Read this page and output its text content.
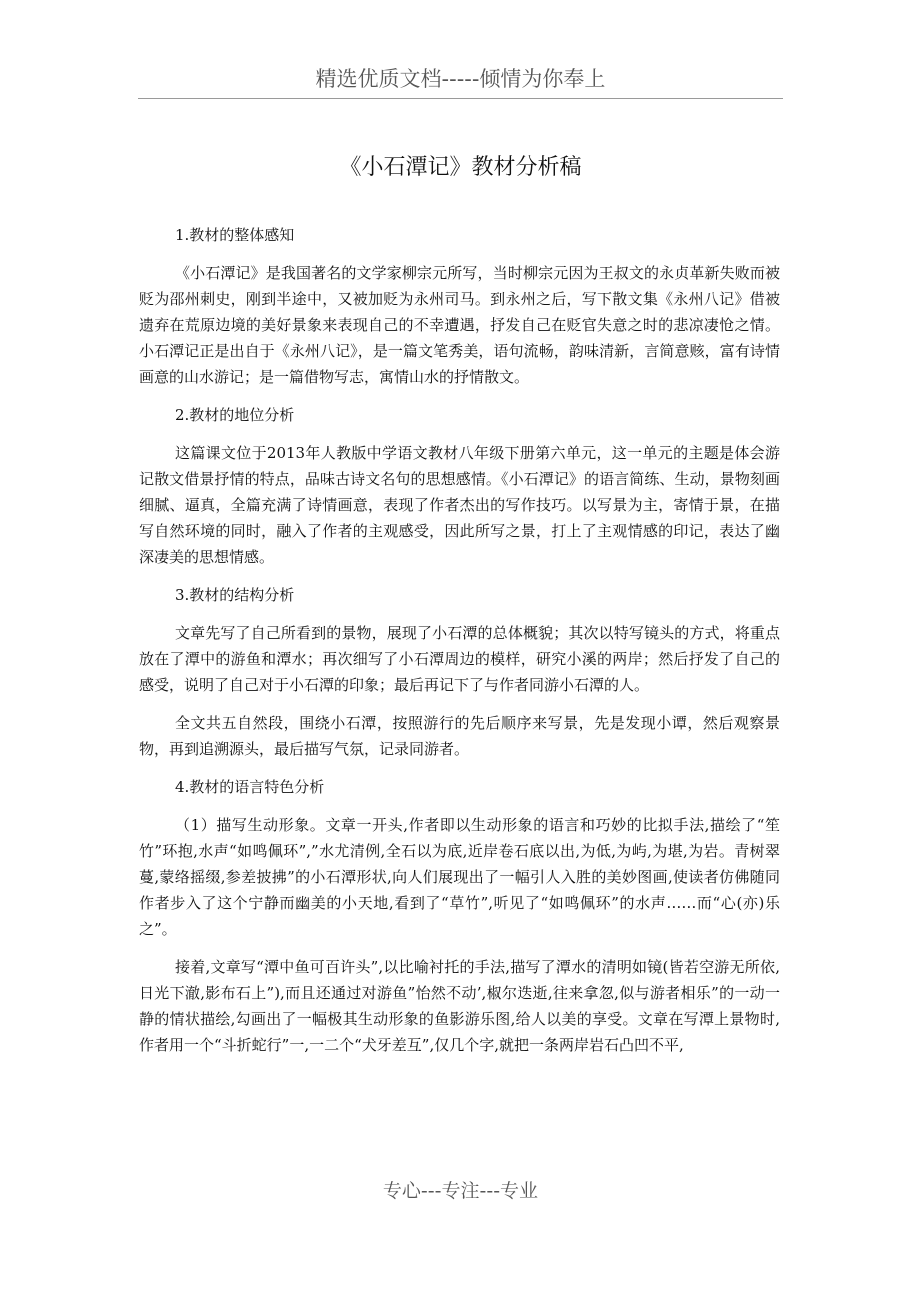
精选优质文档-----倾情为你奉上
《小石潭记》教材分析稿
1.教材的整体感知
《小石潭记》是我国著名的文学家柳宗元所写，当时柳宗元因为王叔文的永贞革新失败而被贬为邵州刺史，刚到半途中，又被加贬为永州司马。到永州之后，写下散文集《永州八记》借被遗弃在荒原边境的美好景象来表现自己的不幸遭遇，抒发自己在贬官失意之时的悲凉凄怆之情。小石潭记正是出自于《永州八记》，是一篇文笔秀美，语句流畅，韵味清新，言简意赅，富有诗情画意的山水游记；是一篇借物写志，寓情山水的抒情散文。
2.教材的地位分析
这篇课文位于2013年人教版中学语文教材八年级下册第六单元，这一单元的主题是体会游记散文借景抒情的特点，品味古诗文名句的思想感情。《小石潭记》的语言简练、生动，景物刻画细腻、逼真，全篇充满了诗情画意，表现了作者杰出的写作技巧。以写景为主，寄情于景，在描写自然环境的同时，融入了作者的主观感受，因此所写之景，打上了主观情感的印记，表达了幽深凄美的思想情感。
3.教材的结构分析
文章先写了自己所看到的景物，展现了小石潭的总体概貌；其次以特写镜头的方式，将重点放在了潭中的游鱼和潭水；再次细写了小石潭周边的模样，研究小溪的两岸；然后抒发了自己的感受，说明了自己对于小石潭的印象；最后再记下了与作者同游小石潭的人。
全文共五自然段，围绕小石潭，按照游行的先后顺序来写景，先是发现小谭，然后观察景物，再到追溯源头，最后描写气氛，记录同游者。
4.教材的语言特色分析
（1）描写生动形象。文章一开头,作者即以生动形象的语言和巧妙的比拟手法,描绘了“笙竹”环抱,水声“如鸣佩环”,”水尤清例,全石以为底,近岸卷石底以出,为低,为屿,为堪,为岩。青树翠蔓,蒙络摇缀,参差披拂”的小石潭形状,向人们展现出了一幅引人入胜的美妙图画,使读者仿佛随同作者步入了这个宁静而幽美的小天地,看到了“草竹”,听见了“如鸣佩环”的水声……而“心(亦)乐之”。
接着,文章写“潭中鱼可百许头”,以比喻衬托的手法,描写了潭水的清明如镜(皆若空游无所依,日光下澈,影布石上”),而且还通过对游鱼”怡然不动’,椒尔迭逝,往来拿忽,似与游者相乐”的一动一静的情状描绘,勾画出了一幅极其生动形象的鱼影游乐图,给人以美的享受。文章在写潭上景物时,作者用一个“斗折蛇行”一,一二个“犬牙差互”,仅几个字,就把一条两岸岩石凸凹不平,
专心---专注---专业
